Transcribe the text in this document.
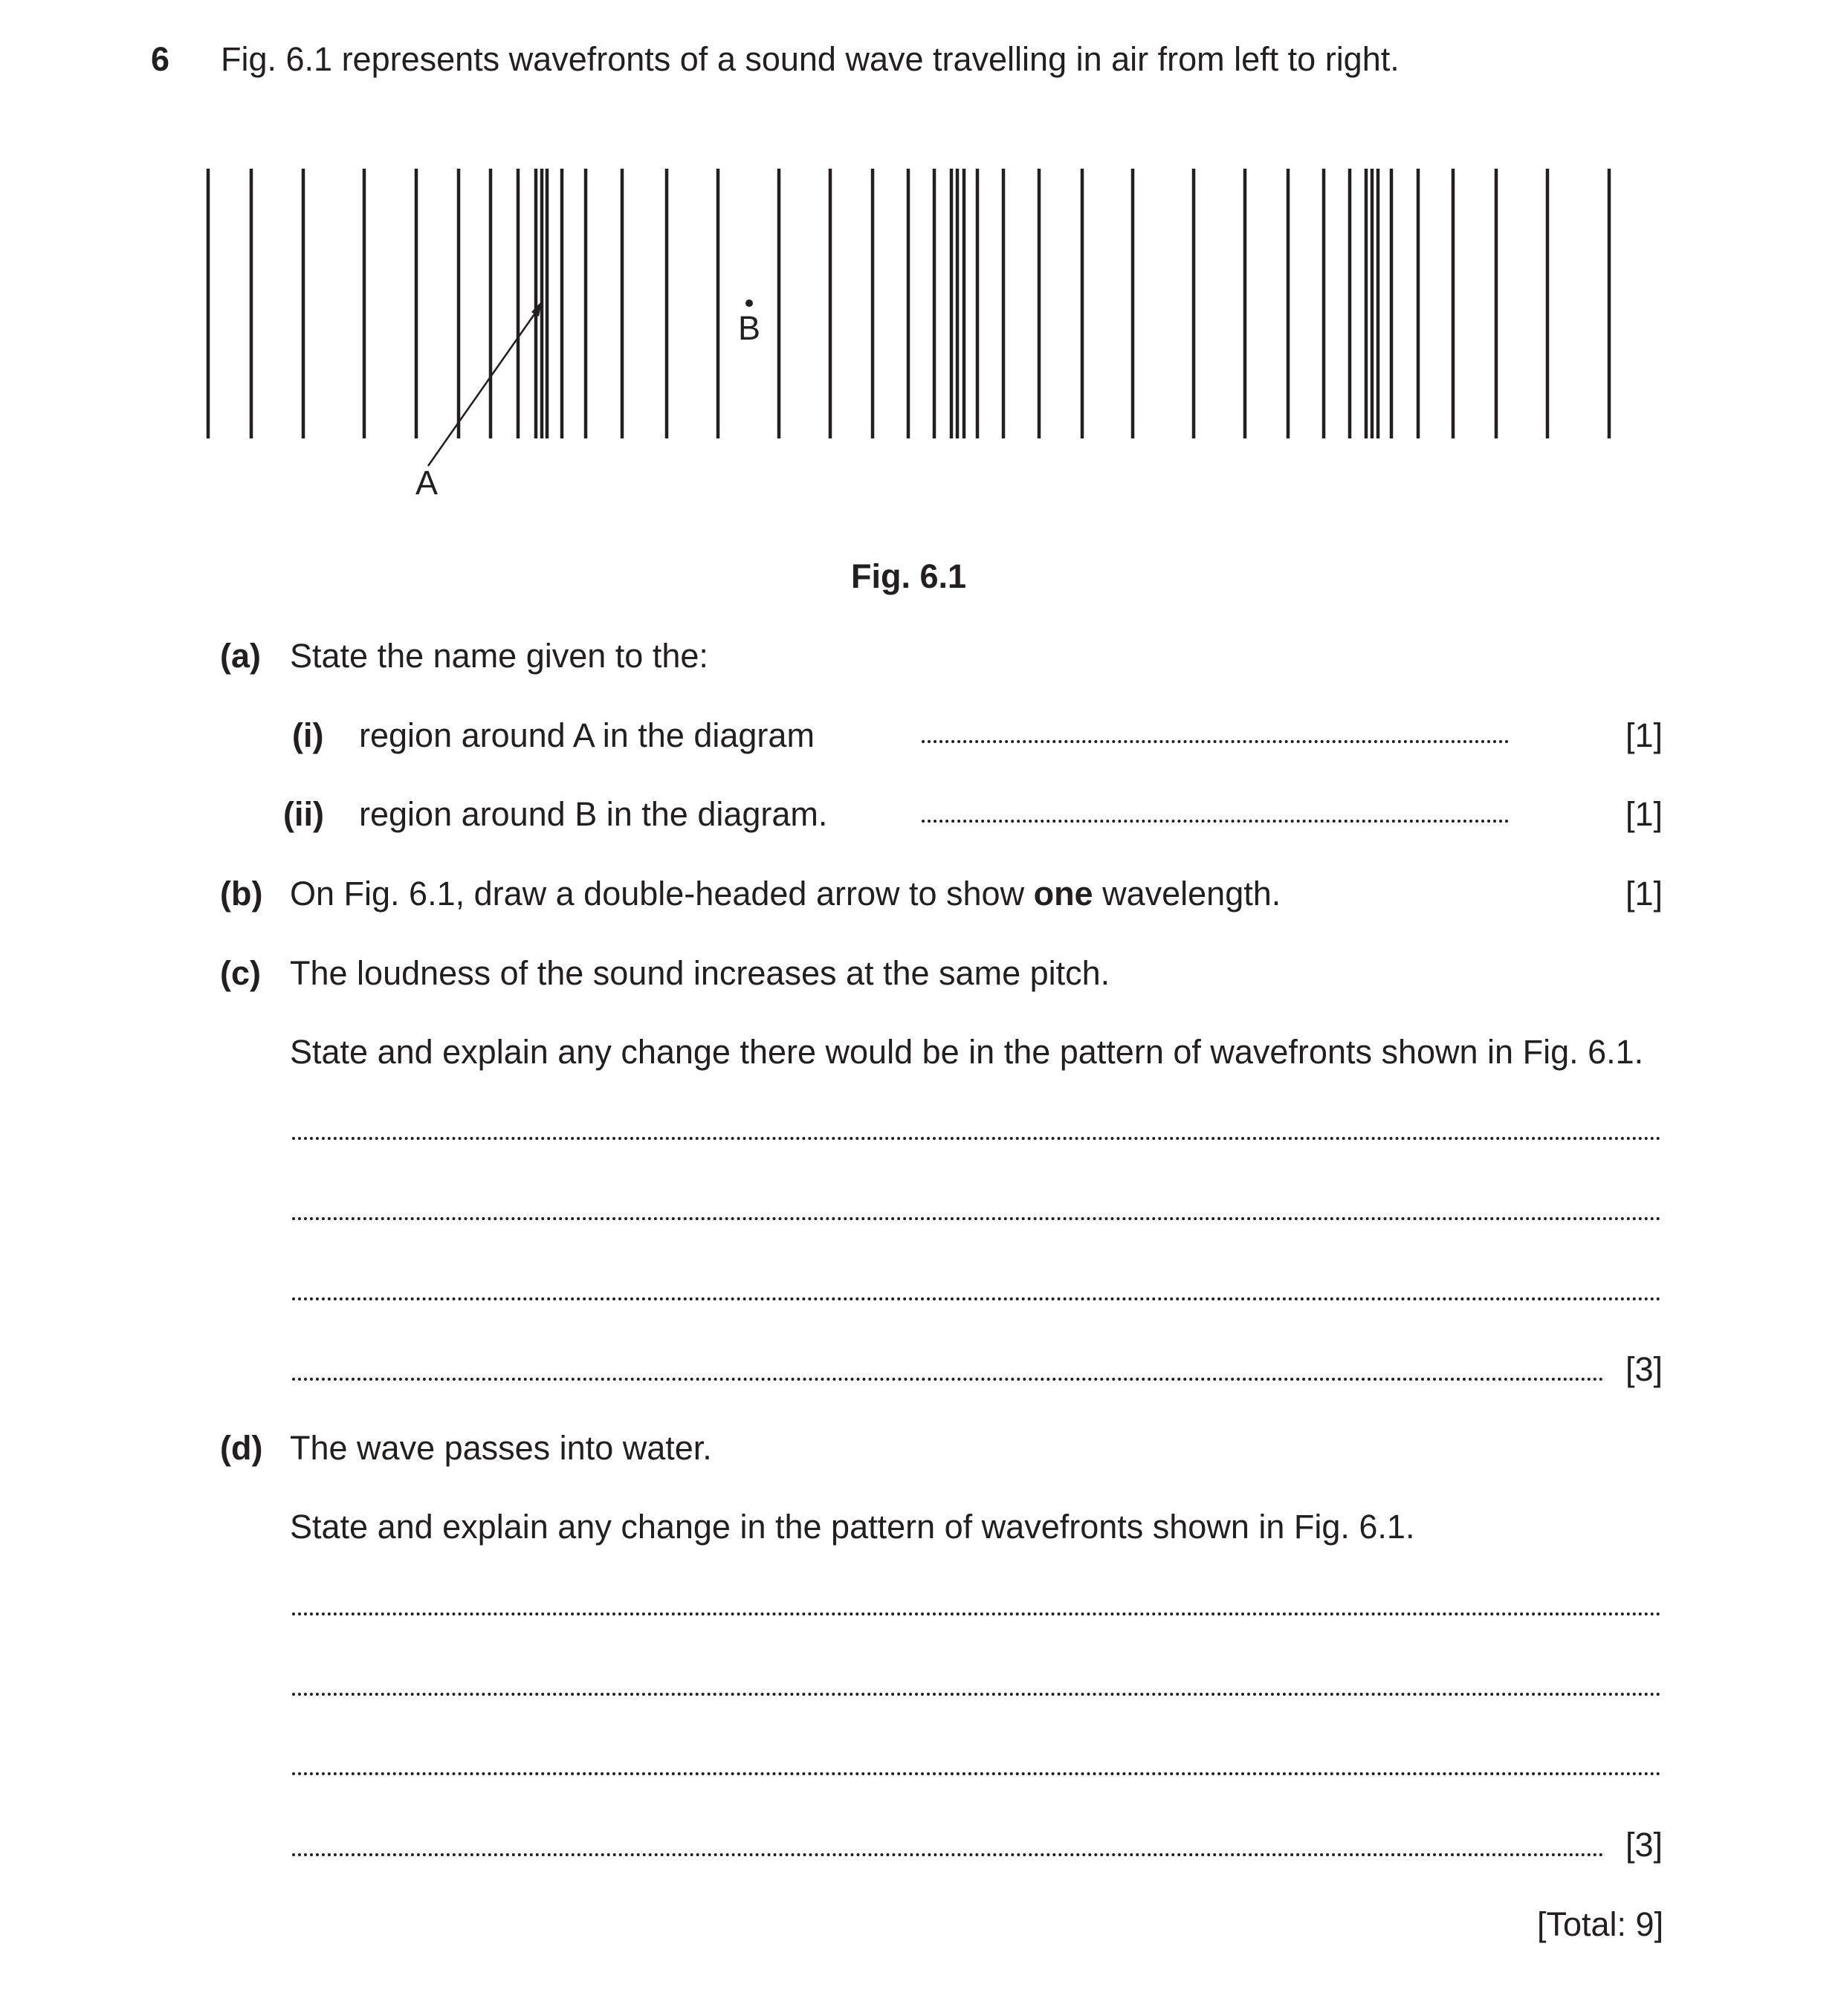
6 Fig. 6.1 represents wavefronts of a sound wave travelling in air from left to right.
A
B
Fig. 6.1
(a) State the name given to the:
(i) region around A in the diagram	[1]
(ii) region around B in the diagram.	[1]
(b) On Fig. 6.1, draw a double-headed arrow to show one wavelength.	[1]
(c) The loudness of the sound increases at the same pitch.
State and explain any change there would be in the pattern of wavefronts shown in Fig. 6.1.
[3]
(d) The wave passes into water.
State and explain any change in the pattern of wavefronts shown in Fig. 6.1.
[3]
[Total: 9]
